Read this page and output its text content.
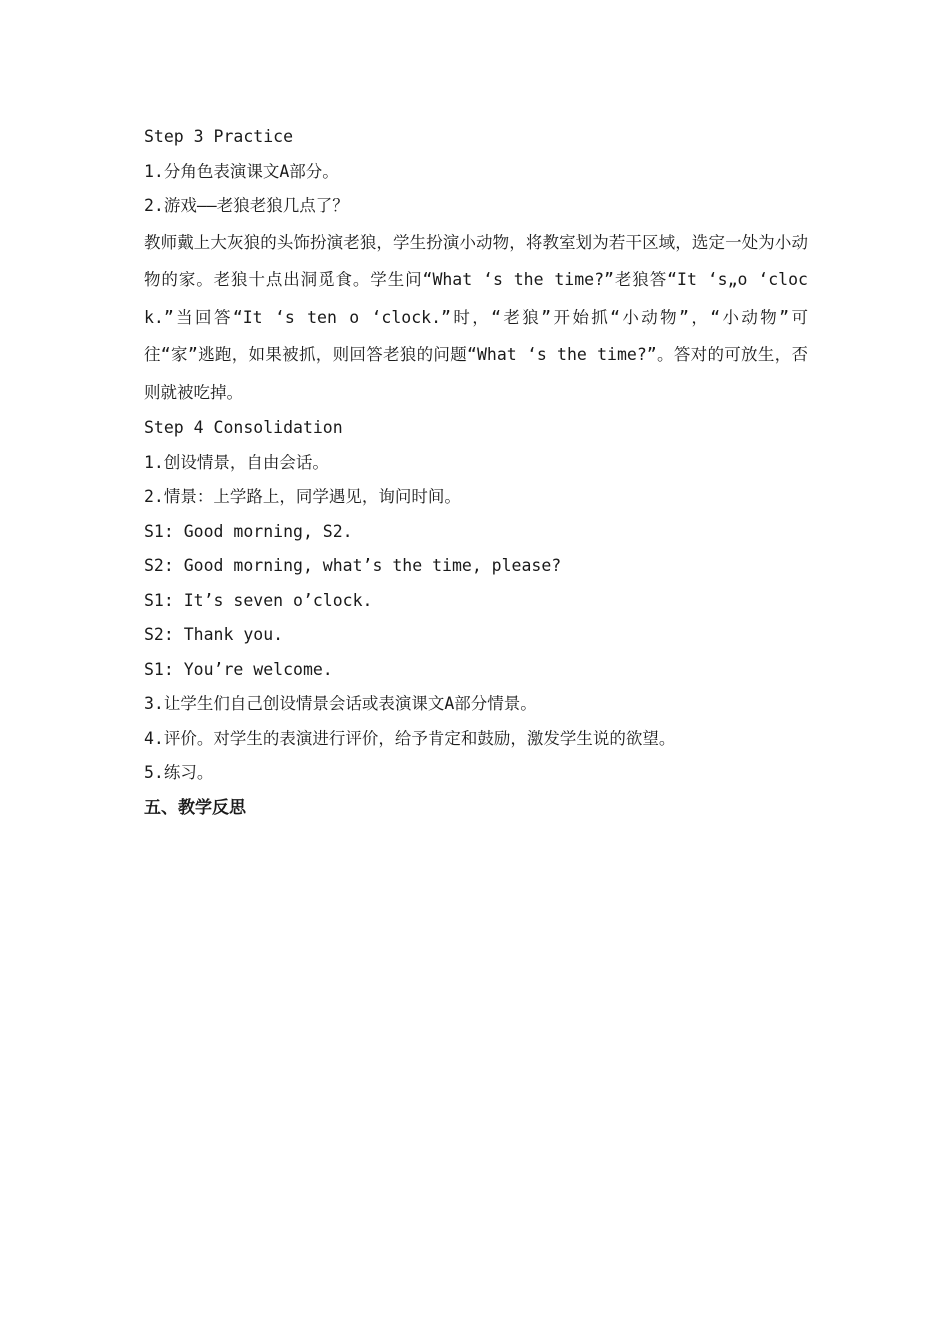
Step 3 Practice
1.分角色表演课文A部分。
2.游戏——老狼老狼几点了？
教师戴上大灰狼的头饰扮演老狼，学生扮演小动物，将教室划为若干区域，选定一处为小动物的家。老狼十点出洞觅食。学生问“What ‘s the time?”老狼答“It ‘s„o ‘clock.”当回答“It ‘s ten o ‘clock.”时，“老狼”开始抓“小动物”，“小动物”可往“家”逃跑，如果被抓，则回答老狼的问题“What ‘s the time?”。答对的可放生，否则就被吃掉。
Step 4 Consolidation
1.创设情景，自由会话。
2.情景：上学路上，同学遇见，询问时间。
S1: Good morning, S2.
S2: Good morning, what’s the time, please?
S1: It’s seven o’clock.
S2: Thank you.
S1: You’re welcome.
3.让学生们自己创设情景会话或表演课文A部分情景。
4.评价。对学生的表演进行评价，给予肯定和鼓励，激发学生说的欲望。
5.练习。
五、教学反思
